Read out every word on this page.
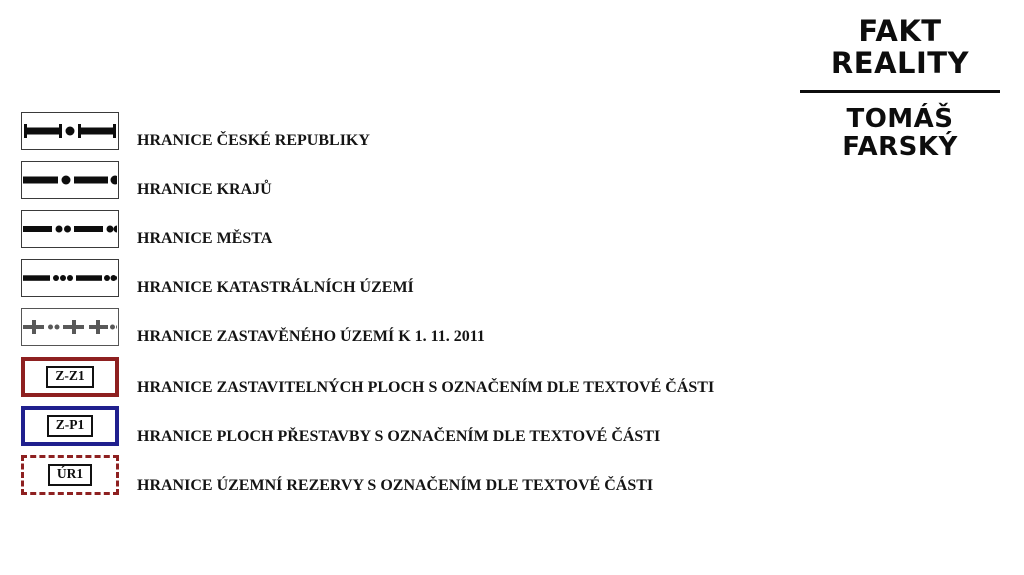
FAKT REALITY
TOMÁŠ FARSKÝ
HRANICE ČESKÉ REPUBLIKY
HRANICE KRAJŮ
HRANICE MĚSTA
HRANICE KATASTRÁLNÍCH ÚZEMÍ
HRANICE ZASTAVĚNÉHO ÚZEMÍ K 1. 11. 2011
Z-Z1
HRANICE ZASTAVITELNÝCH PLOCH S OZNAČENÍM DLE TEXTOVÉ ČÁSTI
Z-P1
HRANICE PLOCH PŘESTAVBY S OZNAČENÍM DLE TEXTOVÉ ČÁSTI
ÚR1
HRANICE ÚZEMNÍ REZERVY S OZNAČENÍM DLE TEXTOVÉ ČÁSTI
